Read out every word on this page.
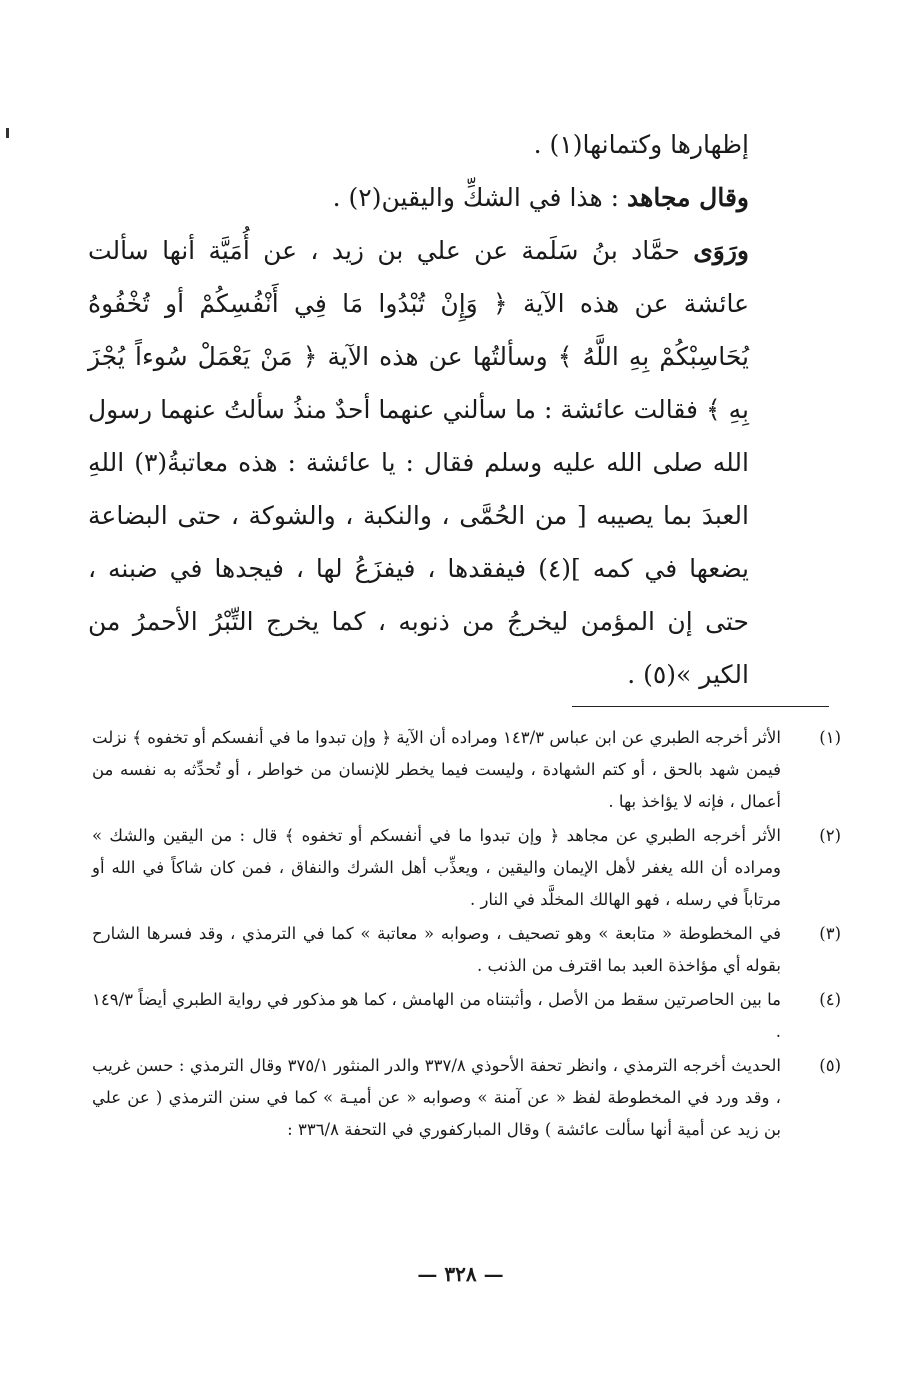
إظهارها وكتمانها(١) .

وقال مجاهد : هذا في الشكِّ واليقين(٢) .

ورَوَى حمَّاد بنُ سَلَمة عن علي بن زيد ، عن أُمَيَّة أنها سألت عائشة عن هذه الآية ﴿ وَإِنْ تُبْدُوا مَا فِي أَنْفُسِكُمْ أو تُخْفُوهُ يُحَاسِبْكُمْ بِهِ اللَّهُ ﴾ وسألتُها عن هذه الآية ﴿ مَنْ يَعْمَلْ سُوءاً يُجْزَ بِهِ ﴾ فقالت عائشة : ما سألني عنهما أحدٌ منذُ سألتُ عنهما رسول الله صلى الله عليه وسلم فقال : يا عائشة : هذه معاتبةُ(٣) اللهِ العبدَ بما يصيبه [ من الحُمَّى ، والنكبة ، والشوكة ، حتى البضاعة يضعها في كمه ](٤) فيفقدها ، فيفزَعُ لها ، فيجدها في ضبنه ، حتى إن المؤمن ليخرجُ من ذنوبه ، كما يخرج التِّبْرُ الأحمرُ من الكير »(٥) .

(١)
الأثر أخرجه الطبري عن ابن عباس ١٤٣/٣ ومراده أن الآية ﴿ وإن تبدوا ما في أنفسكم أو تخفوه ﴾ نزلت فيمن شهد بالحق ، أو كتم الشهادة ، وليست فيما يخطر للإنسان من خواطر ، أو تُحدِّثه به نفسه من أعمال ، فإنه لا يؤاخذ بها .
(٢)
الأثر أخرجه الطبري عن مجاهد ﴿ وإن تبدوا ما في أنفسكم أو تخفوه ﴾ قال : من اليقين والشك » ومراده أن الله يغفر لأهل الإيمان واليقين ، ويعذِّب أهل الشرك والنفاق ، فمن كان شاكاً في الله أو مرتاباً في رسله ، فهو الهالك المخلَّد في النار .
(٣)
في المخطوطة « متابعة » وهو تصحيف ، وصوابه « معاتبة » كما في الترمذي ، وقد فسرها الشارح بقوله أي مؤاخذة العبد بما اقترف من الذنب .
(٤)
ما بين الحاصرتين سقط من الأصل ، وأثبتناه من الهامش ، كما هو مذكور في رواية الطبري أيضاً ١٤٩/٣ .
(٥)
الحديث أخرجه الترمذي ، وانظر تحفة الأحوذي ٣٣٧/٨ والدر المنثور ٣٧٥/١ وقال الترمذي : حسن غريب ، وقد ورد في المخطوطة لفظ « عن آمنة » وصوابه « عن أميـة » كما في سنن الترمذي ( عن علي بن زيد عن أمية أنها سألت عائشة ) وقال المباركفوري في التحفة ٣٣٦/٨ :
— ٣٢٨ —
